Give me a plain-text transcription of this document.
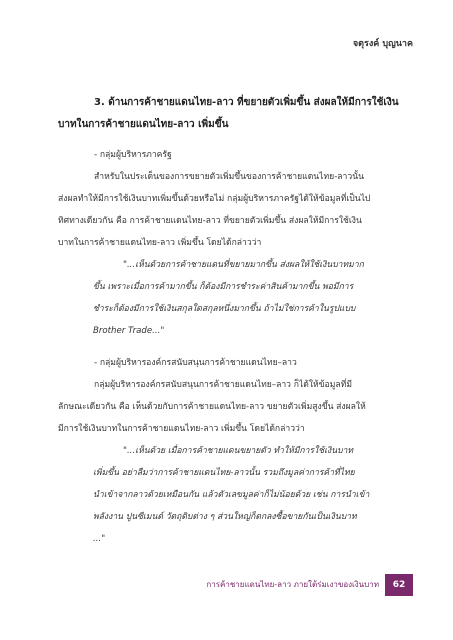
จตุรงค์ บุญนาค
3. ด้านการค้าชายแดนไทย-ลาว ที่ขยายตัวเพิ่มขึ้น ส่งผลให้มีการใช้เงิน
บาทในการค้าชายแดนไทย-ลาว เพิ่มขึ้น
- กลุ่มผู้บริหารภาครัฐ
สำหรับในประเด็นของการขยายตัวเพิ่มขึ้นของการค้าชายแดนไทย-ลาวนั้น
ส่งผลทำให้มีการใช้เงินบาทเพิ่มขึ้นด้วยหรือไม่ กลุ่มผู้บริหารภาครัฐได้ให้ข้อมูลที่เป็นไป
ทิศทางเดียวกัน คือ การค้าชายแดนไทย-ลาว ที่ขยายตัวเพิ่มขึ้น ส่งผลให้มีการใช้เงิน
บาทในการค้าชายแดนไทย-ลาว เพิ่มขึ้น โดยได้กล่าวว่า
"...เห็นด้วยการค้าชายแดนที่ขยายมากขึ้น ส่งผลให้ใช้เงินบาทมาก
ขึ้น เพราะเมื่อการค้ามากขึ้น ก็ต้องมีการชำระค่าสินค้ามากขึ้น พอมีการ
ชำระก็ต้องมีการใช้เงินสกุลใดสกุลหนึ่งมากขึ้น ถ้าไม่ใช่การค้าในรูปแบบ
Brother Trade..."
- กลุ่มผู้บริหารองค์กรสนับสนุนการค้าชายแดนไทย–ลาว
กลุ่มผู้บริหารองค์กรสนับสนุนการค้าชายแดนไทย–ลาว ก็ได้ให้ข้อมูลที่มี
ลักษณะเดียวกัน คือ เห็นด้วยกับการค้าชายแดนไทย-ลาว ขยายตัวเพิ่มสูงขึ้น ส่งผลให้
มีการใช้เงินบาทในการค้าชายแดนไทย-ลาว เพิ่มขึ้น โดยได้กล่าวว่า
"...เห็นด้วย เมื่อการค้าชายแดนขยายตัว ทำให้มีการใช้เงินบาท
เพิ่มขึ้น อย่าลืมว่าการค้าชายแดนไทย-ลาวนั้น รวมถึงมูลค่าการค้าที่ไทย
นำเข้าจากลาวด้วยเหมือนกัน แล้วตัวเลขมูลค่าก็ไม่น้อยด้วย เช่น การนำเข้า
พลังงาน ปูนซีเมนต์ วัตถุดิบต่าง ๆ ส่วนใหญ่ก็ตกลงซื้อขายกันเป็นเงินบาท
..."
การค้าชายแดนไทย-ลาว ภายใต้ร่มเงาของเงินบาท	62
